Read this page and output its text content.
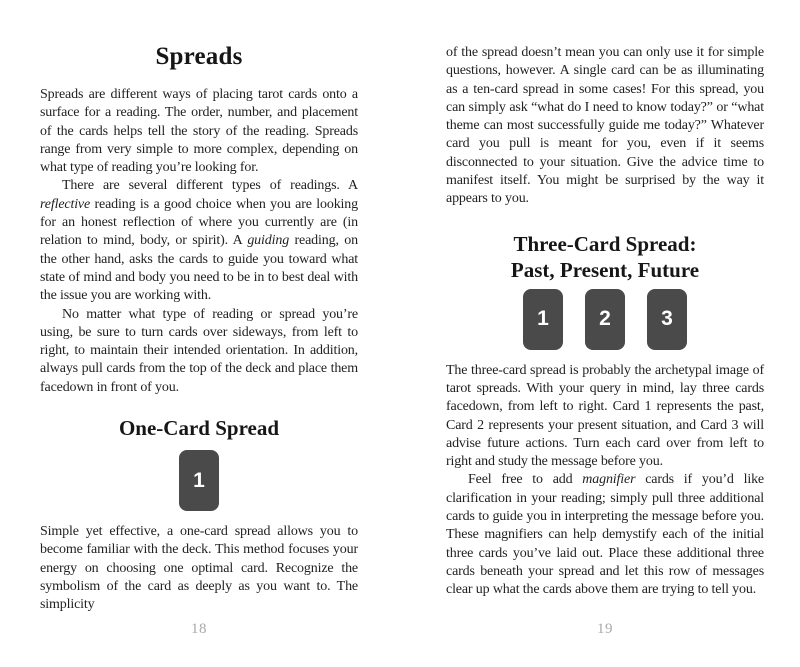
Spreads

Spreads are different ways of placing tarot cards onto a surface for a reading. The order, number, and placement of the cards helps tell the story of the reading. Spreads range from very simple to more complex, depending on what type of reading you’re looking for.

There are several different types of readings. A reflective reading is a good choice when you are looking for an honest reflection of where you currently are (in relation to mind, body, or spirit). A guiding reading, on the other hand, asks the cards to guide you toward what state of mind and body you need to be in to best deal with the issue you are working with.

No matter what type of reading or spread you’re using, be sure to turn cards over sideways, from left to right, to maintain their intended orientation. In addition, always pull cards from the top of the deck and place them facedown in front of you.

One-Card Spread
1

Simple yet effective, a one-card spread allows you to become familiar with the deck. This method focuses your energy on choosing one optimal card. Recognize the symbolism of the card as deeply as you want to. The simplicity

18

of the spread doesn’t mean you can only use it for simple questions, however. A single card can be as illuminating as a ten-card spread in some cases! For this spread, you can simply ask “what do I need to know today?” or “what theme can most successfully guide me today?” Whatever card you pull is meant for you, even if it seems disconnected to your situation. Give the advice time to manifest itself. You might be surprised by the way it appears to you.

Three-Card Spread:
Past, Present, Future
1 2 3

The three-card spread is probably the archetypal image of tarot spreads. With your query in mind, lay three cards facedown, from left to right. Card 1 represents the past, Card 2 represents your present situation, and Card 3 will advise future actions. Turn each card over from left to right and study the message before you.

Feel free to add magnifier cards if you’d like clarification in your reading; simply pull three additional cards to guide you in interpreting the message before you. These magnifiers can help demystify each of the initial three cards you’ve laid out. Place these additional three cards beneath your spread and let this row of messages clear up what the cards above them are trying to tell you.

19
